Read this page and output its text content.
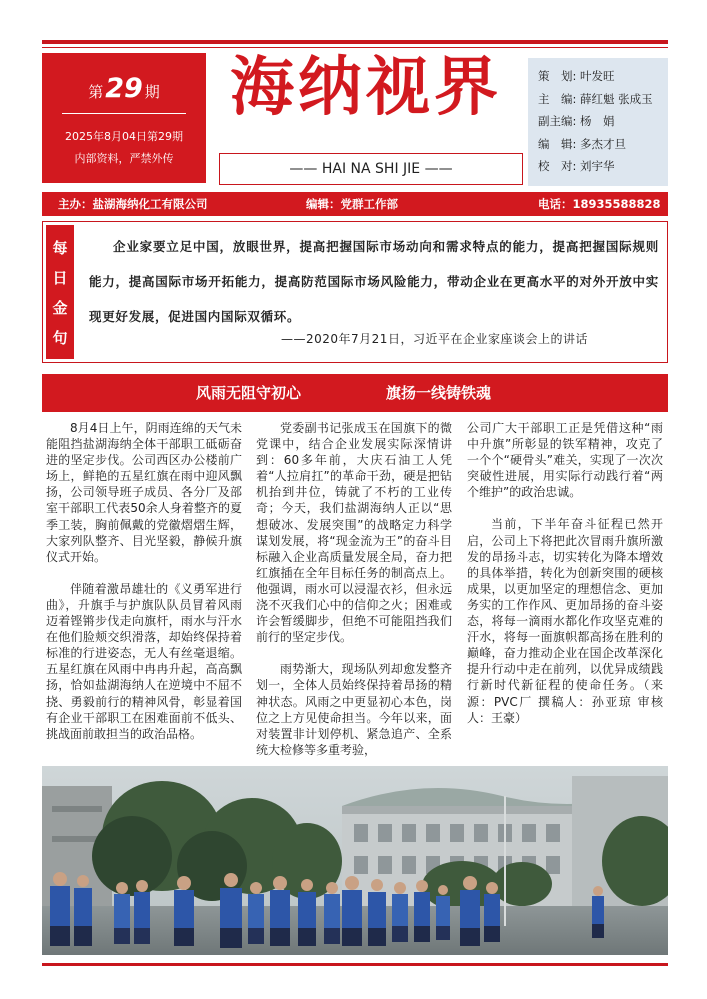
第29 期
2025年8月04日第29期
内部资料，严禁外传
海纳视界
—— HAI NA SHI JIE ——
策　划: 叶发旺
主　编: 薛红魁 张成玉
副主编: 杨　娟
编　辑: 多杰才旦
校　对: 刘宇华
主办：盐湖海纳化工有限公司	编辑：党群工作部	电话：18935588828
每
日
金
句
企业家要立足中国，放眼世界，提高把握国际市场动向和需求特点的能力，提高把握国际规则能力，提高国际市场开拓能力，提高防范国际市场风险能力，带动企业在更高水平的对外开放中实现更好发展，促进国内国际双循环。
——2020年7月21日，习近平在企业家座谈会上的讲话
风雨无阻守初心	旗扬一线铸铁魂

8月4日上午，阴雨连绵的天气未能阻挡盐湖海纳全体干部职工砥砺奋进的坚定步伐。公司西区办公楼前广场上，鲜艳的五星红旗在雨中迎风飘扬，公司领导班子成员、各分厂及部室干部职工代表50余人身着整齐的夏季工装，胸前佩戴的党徽熠熠生辉，大家列队整齐、目光坚毅，静候升旗仪式开始。

伴随着激昂雄壮的《义勇军进行曲》，升旗手与护旗队队员冒着风雨迈着铿锵步伐走向旗杆，雨水与汗水在他们脸颊交织滑落，却始终保持着标准的行进姿态，无人有丝毫退缩。五星红旗在风雨中冉冉升起，高高飘扬，恰如盐湖海纳人在逆境中不屈不挠、勇毅前行的精神风骨，彰显着国有企业干部职工在困难面前不低头、挑战面前敢担当的政治品格。

党委副书记张成玉在国旗下的微党课中，结合企业发展实际深情讲到：60多年前，大庆石油工人凭着“人拉肩扛”的革命干劲，硬是把钻机抬到井位，铸就了不朽的工业传奇；今天，我们盐湖海纳人正以“思想破冰、发展突围”的战略定力科学谋划发展，将“现金流为王”的奋斗目标融入企业高质量发展全局，奋力把红旗插在全年目标任务的制高点上。他强调，雨水可以浸湿衣衫，但永远浇不灭我们心中的信仰之火；困难或许会暂缓脚步，但绝不可能阻挡我们前行的坚定步伐。

雨势渐大，现场队列却愈发整齐划一，全体人员始终保持着昂扬的精神状态。风雨之中更显初心本色，岗位之上方见使命担当。今年以来，面对装置非计划停机、紧急追产、全系统大检修等多重考验，

公司广大干部职工正是凭借这种“雨中升旗”所彰显的铁军精神，攻克了一个个“硬骨头”难关，实现了一次次突破性进展，用实际行动践行着“两个维护”的政治忠诚。

当前，下半年奋斗征程已然开启，公司上下将把此次冒雨升旗所激发的昂扬斗志，切实转化为降本增效的具体举措，转化为创新突围的硬核成果，以更加坚定的理想信念、更加务实的工作作风、更加昂扬的奋斗姿态，将每一滴雨水都化作攻坚克难的汗水，将每一面旗帜都高扬在胜利的巅峰，奋力推动企业在国企改革深化提升行动中走在前列，以优异成绩践行新时代新征程的使命任务。（来源：PVC厂 撰稿人：孙亚琼 审核人：王豪）
